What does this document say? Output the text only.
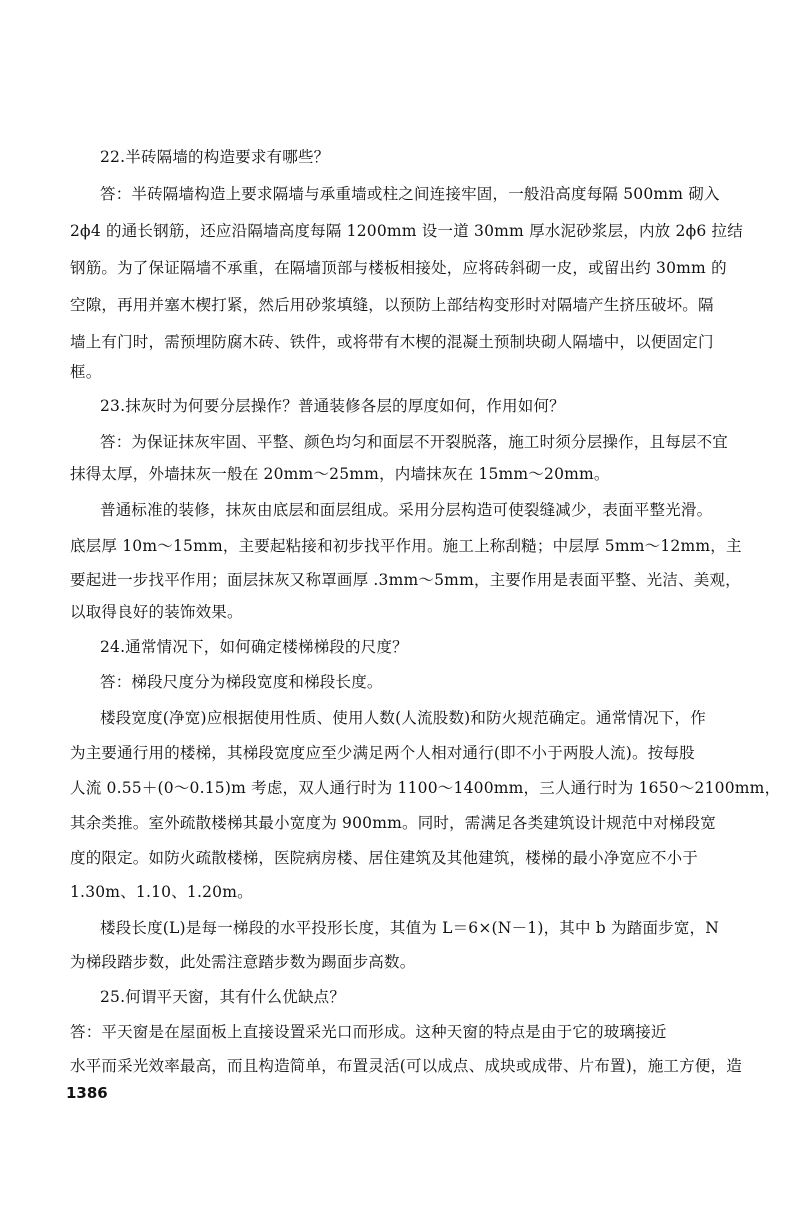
22.半砖隔墙的构造要求有哪些？
答：半砖隔墙构造上要求隔墙与承重墙或柱之间连接牢固，一般沿高度每隔 500mm 砌入
2ϕ4 的通长钢筋，还应沿隔墙高度每隔 1200mm 设一道 30mm 厚水泥砂浆层，内放 2ϕ6 拉结
钢筋。为了保证隔墙不承重，在隔墙顶部与楼板相接处，应将砖斜砌一皮，或留出约 30mm 的
空隙，再用并塞木楔打紧，然后用砂浆填缝，以预防上部结构变形时对隔墙产生挤压破坏。隔
墙上有门时，需预埋防腐木砖、铁件，或将带有木楔的混凝土预制块砌人隔墙中，以便固定门
框。
23.抹灰时为何要分层操作？普通装修各层的厚度如何，作用如何？
答：为保证抹灰牢固、平整、颜色均匀和面层不开裂脱落，施工时须分层操作，且每层不宜
抹得太厚，外墙抹灰一般在 20mm～25mm，内墙抹灰在 15mm～20mm。
普通标准的装修，抹灰由底层和面层组成。采用分层构造可使裂缝减少，表面平整光滑。
底层厚 10m～15mm，主要起粘接和初步找平作用。施工上称刮糙；中层厚 5mm～12mm，主
要起进一步找平作用；面层抹灰又称罩画厚 .3mm～5mm，主要作用是表面平整、光洁、美观，
以取得良好的装饰效果。
24.通常情况下，如何确定楼梯梯段的尺度？
答：梯段尺度分为梯段宽度和梯段长度。
楼段宽度(净宽)应根据使用性质、使用人数(人流股数)和防火规范确定。通常情况下，作
为主要通行用的楼梯，其梯段宽度应至少满足两个人相对通行(即不小于两股人流)。按每股
人流 0.55＋(0～0.15)m 考虑，双人通行时为 1100～1400mm，三人通行时为 1650～2100mm，
其余类推。室外疏散楼梯其最小宽度为 900mm。同时，需满足各类建筑设计规范中对梯段宽
度的限定。如防火疏散楼梯，医院病房楼、居住建筑及其他建筑，楼梯的最小净宽应不小于
1.30m、1.10、1.20m。
楼段长度(L)是每一梯段的水平投形长度，其值为 L＝6×(N－1)，其中 b 为踏面步宽，N
为梯段踏步数，此处需注意踏步数为踢面步高数。
25.何谓平天窗，其有什么优缺点？
答：平天窗是在屋面板上直接设置采光口而形成。这种天窗的特点是由于它的玻璃接近
水平而采光效率最高，而且构造简单，布置灵活(可以成点、成块或成带、片布置)，施工方便，造
1386
